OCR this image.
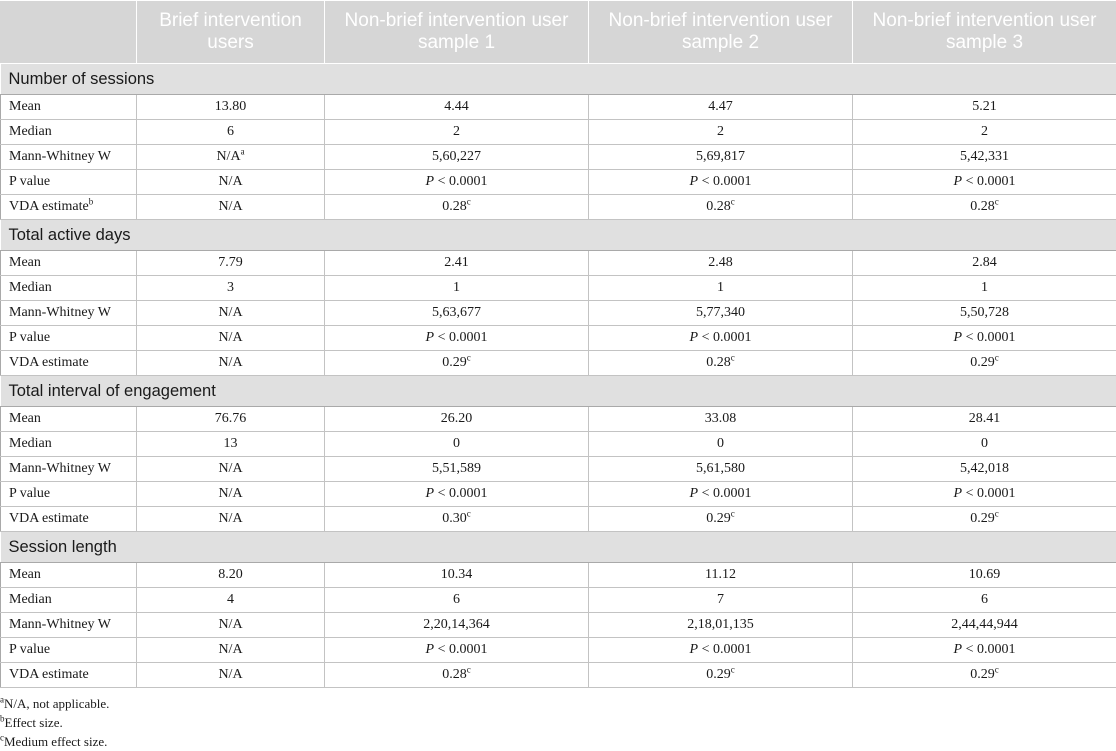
	Brief intervention users	Non-brief intervention user sample 1	Non-brief intervention user sample 2	Non-brief intervention user sample 3
Number of sessions				
Mean	13.80	4.44	4.47	5.21
Median	6	2	2	2
Mann-Whitney W	$N/A^a$	5,60,227	5,69,817	5,42,331
P value	N/A	P < 0.0001	P < 0.0001	P < 0.0001
VDA estimate$^b$	N/A	0.28$^c$	0.28$^c$	0.28$^c$
Total active days				
Mean	7.79	2.41	2.48	2.84
Median	3	1	1	1
Mann-Whitney W	N/A	5,63,677	5,77,340	5,50,728
P value	N/A	P < 0.0001	P < 0.0001	P < 0.0001
VDA estimate	N/A	0.29$^c$	0.28$^c$	0.29$^c$
Total interval of engagement				
Mean	76.76	26.20	33.08	28.41
Median	13	0	0	0
Mann-Whitney W	N/A	5,51,589	5,61,580	5,42,018
P value	N/A	P < 0.0001	P < 0.0001	P < 0.0001
VDA estimate	N/A	0.30$^c$	0.29$^c$	0.29$^c$
Session length				
Mean	8.20	10.34	11.12	10.69
Median	4	6	7	6
Mann-Whitney W	N/A	2,20,14,364	2,18,01,135	2,44,44,944
P value	N/A	P < 0.0001	P < 0.0001	P < 0.0001
VDA estimate	N/A	0.28$^c$	0.29$^c$	0.29$^c$
$^a$N/A, not applicable.
$^b$Effect size.
$^c$Medium effect size.
